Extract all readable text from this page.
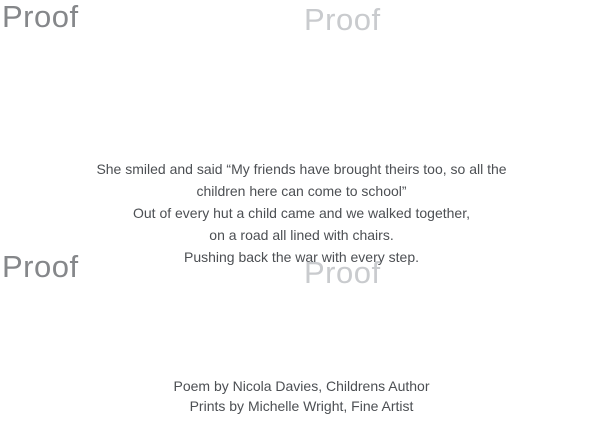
Proof	Proof
Proof	Proof
She smiled and said “My friends have brought theirs too, so all the
children here can come to school”
Out of every hut a child came and we walked together,
on a road all lined with chairs.
Pushing back the war with every step.
Poem by Nicola Davies, Childrens Author
Prints by Michelle Wright, Fine Artist
